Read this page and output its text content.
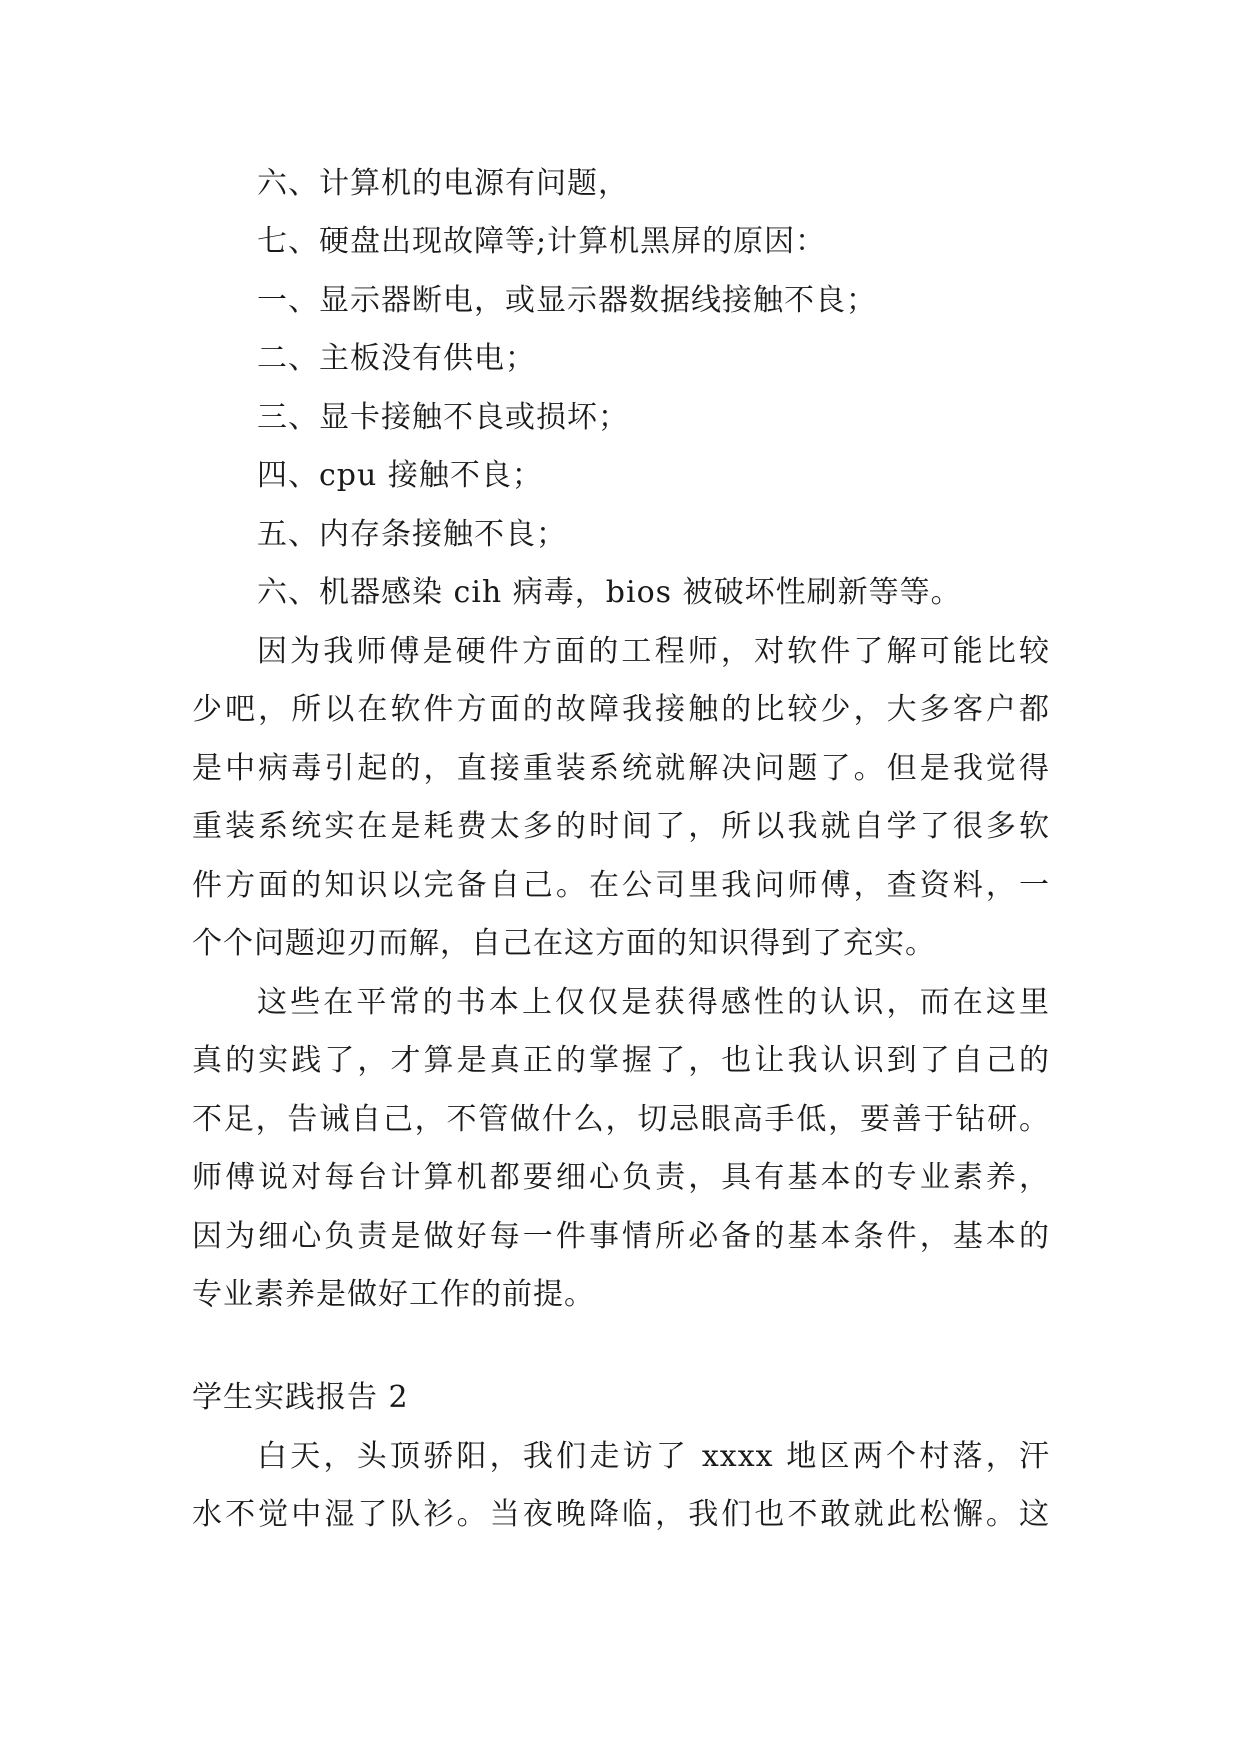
六、计算机的电源有问题，
七、硬盘出现故障等;计算机黑屏的原因：
一、显示器断电，或显示器数据线接触不良；
二、主板没有供电；
三、显卡接触不良或损坏；
四、cpu 接触不良；
五、内存条接触不良；
六、机器感染 cih 病毒，bios 被破坏性刷新等等。
因为我师傅是硬件方面的工程师，对软件了解可能比较
少吧，所以在软件方面的故障我接触的比较少，大多客户都
是中病毒引起的，直接重装系统就解决问题了。但是我觉得
重装系统实在是耗费太多的时间了，所以我就自学了很多软
件方面的知识以完备自己。在公司里我问师傅，查资料，一
个个问题迎刃而解，自己在这方面的知识得到了充实。
这些在平常的书本上仅仅是获得感性的认识，而在这里
真的实践了，才算是真正的掌握了，也让我认识到了自己的
不足，告诫自己，不管做什么，切忌眼高手低，要善于钻研。
师傅说对每台计算机都要细心负责，具有基本的专业素养，
因为细心负责是做好每一件事情所必备的基本条件，基本的
专业素养是做好工作的前提。
学生实践报告 2
白天，头顶骄阳，我们走访了 xxxx 地区两个村落，汗
水不觉中湿了队衫。当夜晚降临，我们也不敢就此松懈。这
